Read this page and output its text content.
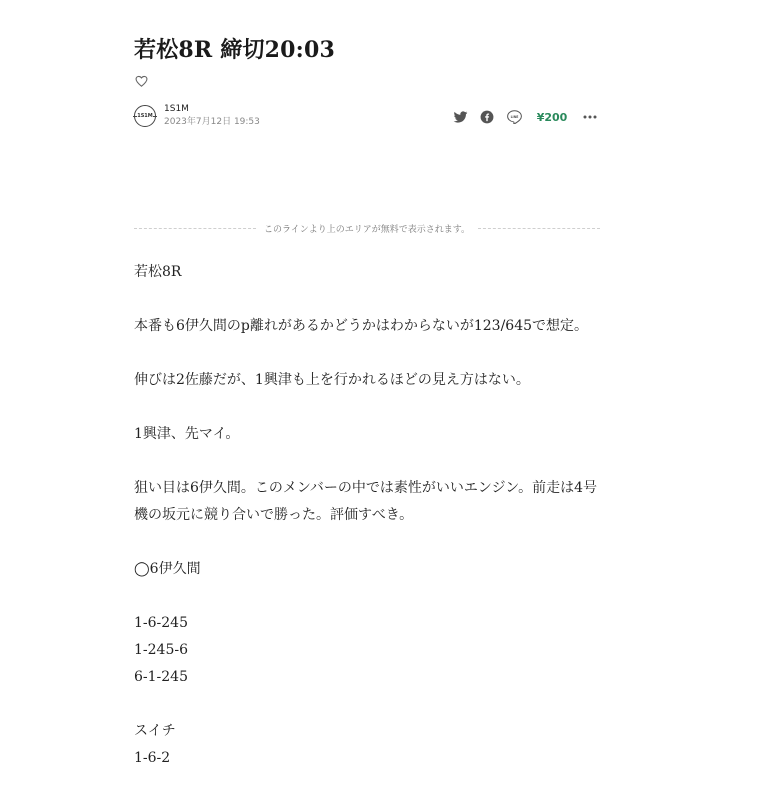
若松8R 締切20:03
1S1M
1S1M
2023年7月12日 19:53
LINE ¥200
このラインより上のエリアが無料で表示されます。

若松8R

本番も6伊久間のp離れがあるかどうかはわからないが123/645で想定。

伸びは2佐藤だが、1興津も上を行かれるほどの見え方はない。

1興津、先マイ。

狙い目は6伊久間。このメンバーの中では素性がいいエンジン。前走は4号

機の坂元に競り合いで勝った。評価すべき。

◯6伊久間

1-6-245

1-245-6

6-1-245

スイチ

1-6-2
